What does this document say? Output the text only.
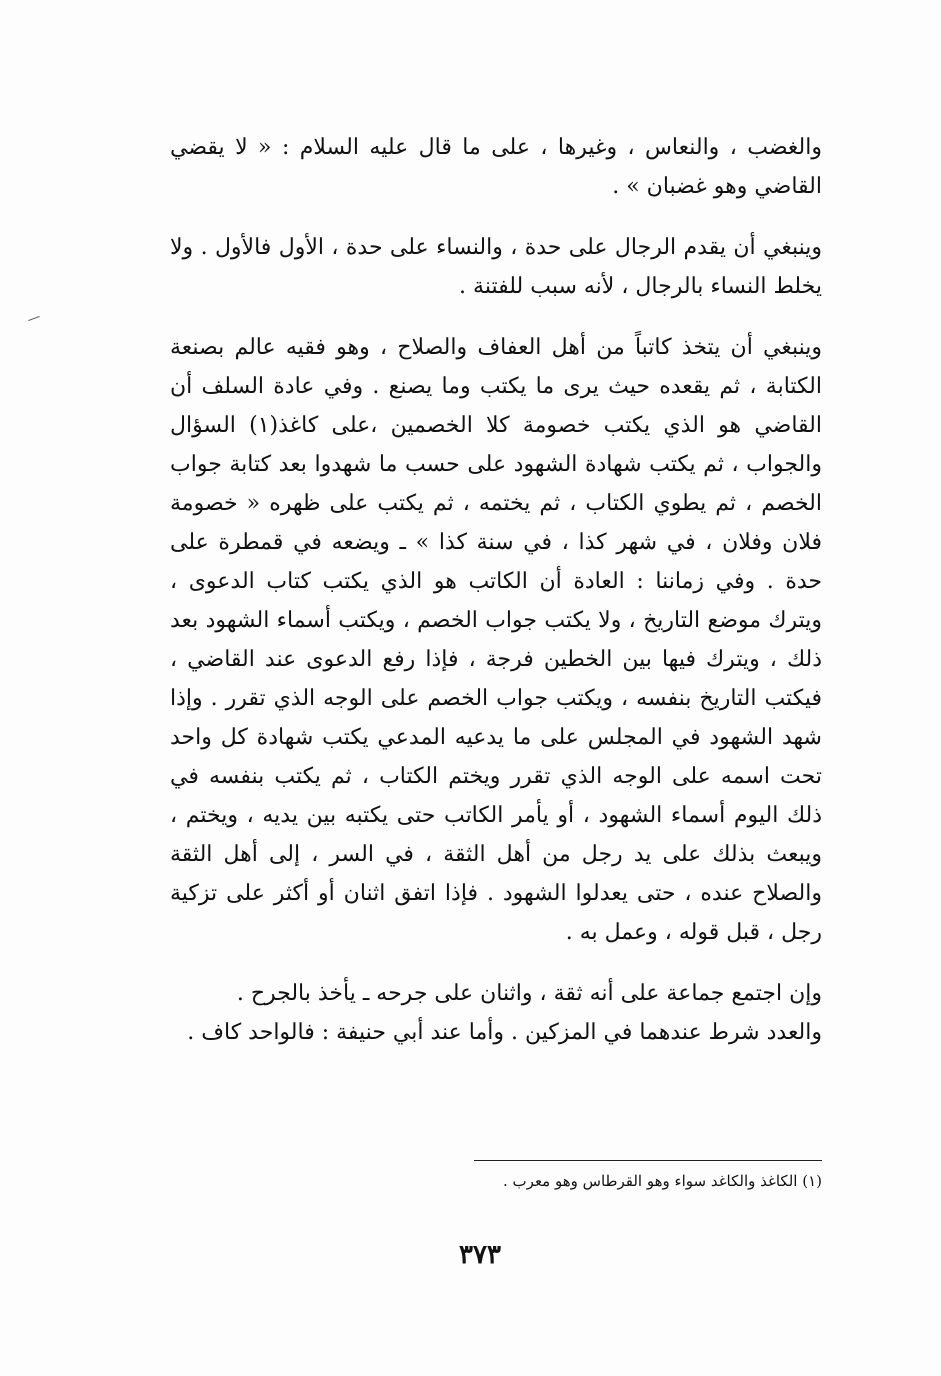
والغضب ، والنعاس ، وغيرها ، على ما قال عليه السلام : « لا يقضي القاضي وهو غضبان » .

وينبغي أن يقدم الرجال على حدة ، والنساء على حدة ، الأول فالأول . ولا يخلط النساء بالرجال ، لأنه سبب للفتنة .

وينبغي أن يتخذ كاتباً من أهل العفاف والصلاح ، وهو فقيه عالم بصنعة الكتابة ، ثم يقعده حيث يرى ما يكتب وما يصنع . وفي عادة السلف أن القاضي هو الذي يكتب خصومة كلا الخصمين ،على كاغذ(١) السؤال والجواب ، ثم يكتب شهادة الشهود على حسب ما شهدوا بعد كتابة جواب الخصم ، ثم يطوي الكتاب ، ثم يختمه ، ثم يكتب على ظهره « خصومة فلان وفلان ، في شهر كذا ، في سنة كذا » ـ ويضعه في قمطرة على حدة . وفي زماننا : العادة أن الكاتب هو الذي يكتب كتاب الدعوى ، ويترك موضع التاريخ ، ولا يكتب جواب الخصم ، ويكتب أسماء الشهود بعد ذلك ، ويترك فيها بين الخطين فرجة ، فإذا رفع الدعوى عند القاضي ، فيكتب التاريخ بنفسه ، ويكتب جواب الخصم على الوجه الذي تقرر . وإذا شهد الشهود في المجلس على ما يدعيه المدعي يكتب شهادة كل واحد تحت اسمه على الوجه الذي تقرر ويختم الكتاب ، ثم يكتب بنفسه في ذلك اليوم أسماء الشهود ، أو يأمر الكاتب حتى يكتبه بين يديه ، ويختم ، ويبعث بذلك على يد رجل من أهل الثقة ، في السر ، إلى أهل الثقة والصلاح عنده ، حتى يعدلوا الشهود . فإذا اتفق اثنان أو أكثر على تزكية رجل ، قبل قوله ، وعمل به .

وإن اجتمع جماعة على أنه ثقة ، واثنان على جرحه ـ يأخذ بالجرح .

والعدد شرط عندهما في المزكين . وأما عند أبي حنيفة : فالواحد كاف .

(١) الكاغذ والكاغد سواء وهو القرطاس وهو معرب .
٣٧٣
